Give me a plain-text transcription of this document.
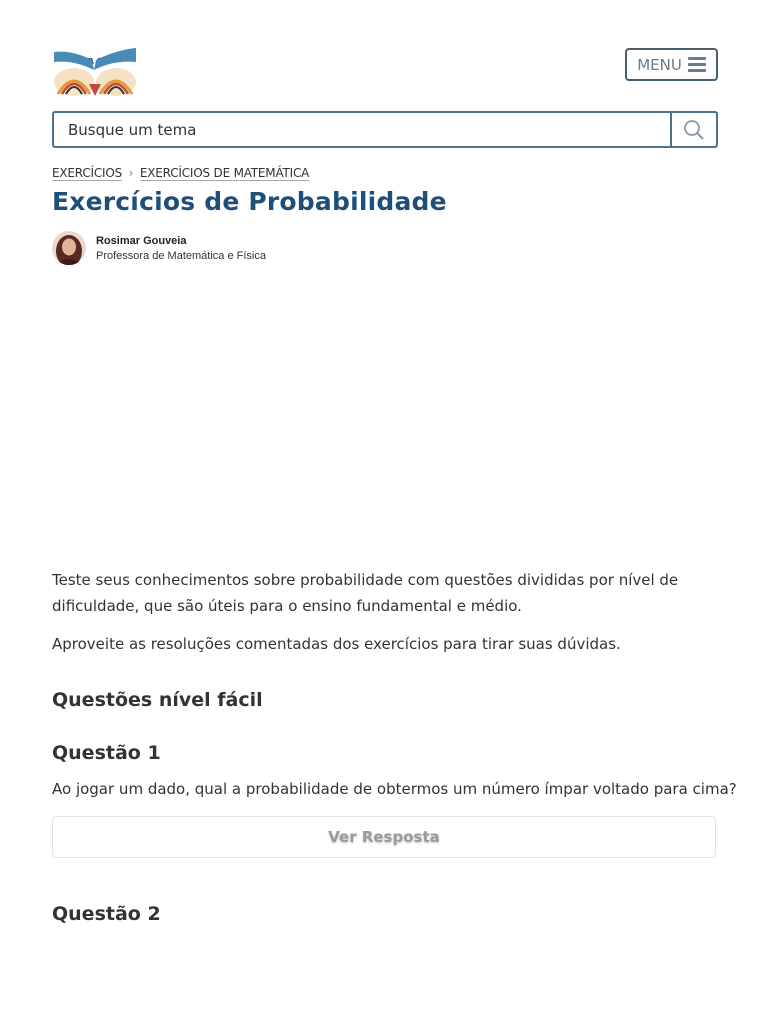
MENU
Busque um tema
EXERCÍCIOS › EXERCÍCIOS DE MATEMÁTICA
Exercícios de Probabilidade
Rosimar Gouveia
Professora de Matemática e Física

Teste seus conhecimentos sobre probabilidade com questões divididas por nível de dificuldade, que são úteis para o ensino fundamental e médio.

Aproveite as resoluções comentadas dos exercícios para tirar suas dúvidas.

Questões nível fácil
Questão 1

Ao jogar um dado, qual a probabilidade de obtermos um número ímpar voltado para cima?

Ver Resposta
Questão 2
